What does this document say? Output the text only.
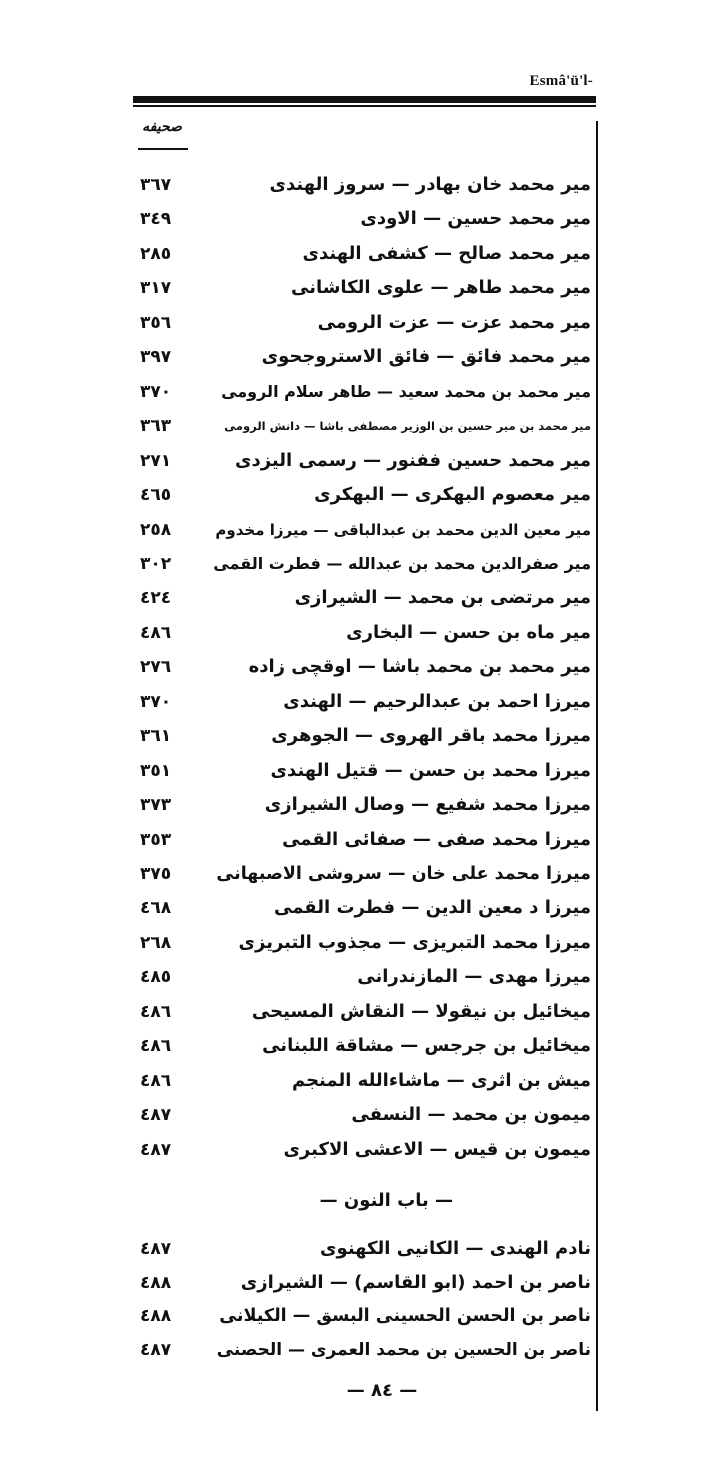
Esmâ'ü'l-
صحيفه
مير محمد خان بهادر — سروز الهندى
٣٦٧
مير محمد حسين — الاودى
٣٤٩
مير محمد صالح — كشفى الهندى
٢٨٥
مير محمد طاهر — علوى الكاشانى
٣١٧
مير محمد عزت — عزت الرومى
٣٥٦
مير محمد فائق — فائق الاستروجحوى
٣٩٧
مير محمد بن محمد سعيد — طاهر سلام الرومى
٣٧٠
مير محمد بن مير حسين بن الوزير مصطفى باشا — دانش الرومى
٣٦٣
مير محمد حسين ففنور — رسمى اليزدى
٢٧١
مير معصوم البهكرى — البهكرى
٤٦٥
مير معين الدين محمد بن عبدالباقى — ميرزا مخدوم
٢٥٨
مير صفرالدين محمد بن عبدالله — فطرت القمى
٣٠٢
مير مرتضى بن محمد — الشيرازى
٤٢٤
مير ماه بن حسن — البخارى
٤٨٦
مير محمد بن محمد باشا — اوقچى زاده
٢٧٦
ميرزا احمد بن عبدالرحيم — الهندى
٣٧٠
ميرزا محمد باقر الهروى — الجوهرى
٣٦١
ميرزا محمد بن حسن — قتيل الهندى
٣٥١
ميرزا محمد شفيع — وصال الشيرازى
٣٧٣
ميرزا محمد صفى — صفائى القمى
٣٥٣
ميرزا محمد على خان — سروشى الاصبهانى
٣٧٥
ميرزا د معين الدين — فطرت القمى
٤٦٨
ميرزا محمد التبريزى — مجذوب التبريزى
٢٦٨
ميرزا مهدى — المازندرانى
٤٨٥
ميخائيل بن نيقولا — النقاش المسيحى
٤٨٦
ميخائيل بن جرجس — مشاقة اللبنانى
٤٨٦
ميش بن اثرى — ماشاءالله المنجم
٤٨٦
ميمون بن محمد — النسفى
٤٨٧
ميمون بن قيس — الاعشى الاكبرى
٤٨٧
نادم الهندى — الكانيى الكهنوى
٤٨٧
ناصر بن احمد (ابو القاسم) — الشيرازى
٤٨٨
ناصر بن الحسن الحسينى البسق — الكيلانى
٤٨٨
ناصر بن الحسين بن محمد العمرى — الحصنى
٤٨٧
— باب النون —
— ٨٤ —
